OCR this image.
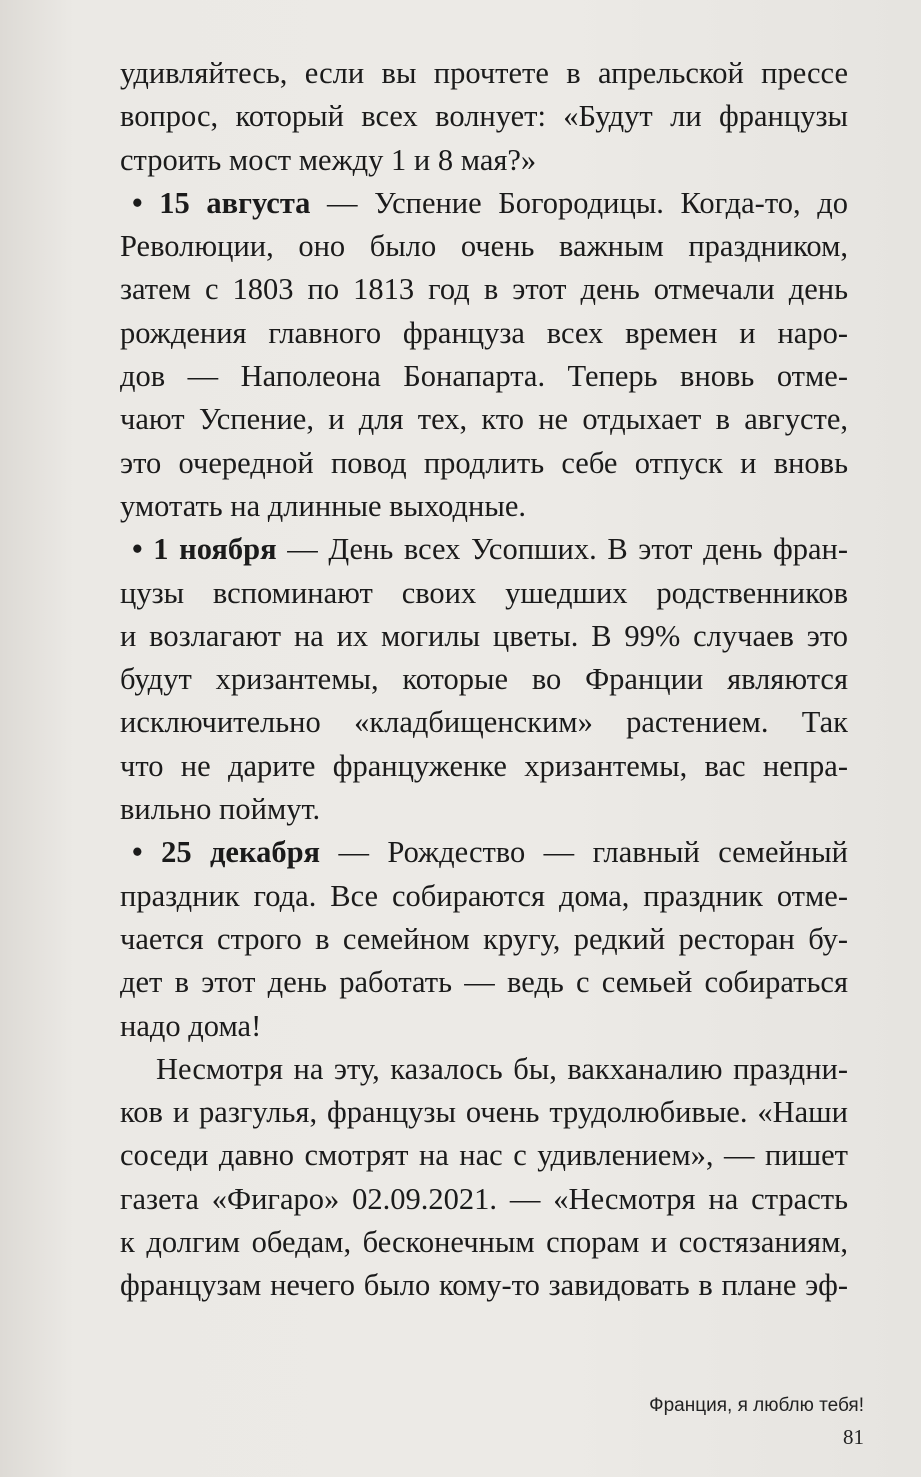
удивляйтесь, если вы прочтете в апрельской прессе
вопрос, который всех волнует: «Будут ли французы
строить мост между 1 и 8 мая?»
• 15 августа — Успение Богородицы. Когда-то, до
Революции, оно было очень важным праздником,
затем с 1803 по 1813 год в этот день отмечали день
рождения главного француза всех времен и наро-
дов — Наполеона Бонапарта. Теперь вновь отме-
чают Успение, и для тех, кто не отдыхает в августе,
это очередной повод продлить себе отпуск и вновь
умотать на длинные выходные.
• 1 ноября — День всех Усопших. В этот день фран-
цузы вспоминают своих ушедших родственников
и возлагают на их могилы цветы. В 99% случаев это
будут хризантемы, которые во Франции являются
исключительно «кладбищенским» растением. Так
что не дарите француженке хризантемы, вас непра-
вильно поймут.
• 25 декабря — Рождество — главный семейный
праздник года. Все собираются дома, праздник отме-
чается строго в семейном кругу, редкий ресторан бу-
дет в этот день работать — ведь с семьей собираться
надо дома!
Несмотря на эту, казалось бы, вакханалию праздни-
ков и разгулья, французы очень трудолюбивые. «Наши
соседи давно смотрят на нас с удивлением», — пишет
газета «Фигаро» 02.09.2021. — «Несмотря на страсть
к долгим обедам, бесконечным спорам и состязаниям,
французам нечего было кому-то завидовать в плане эф-
Франция, я люблю тебя!
81
